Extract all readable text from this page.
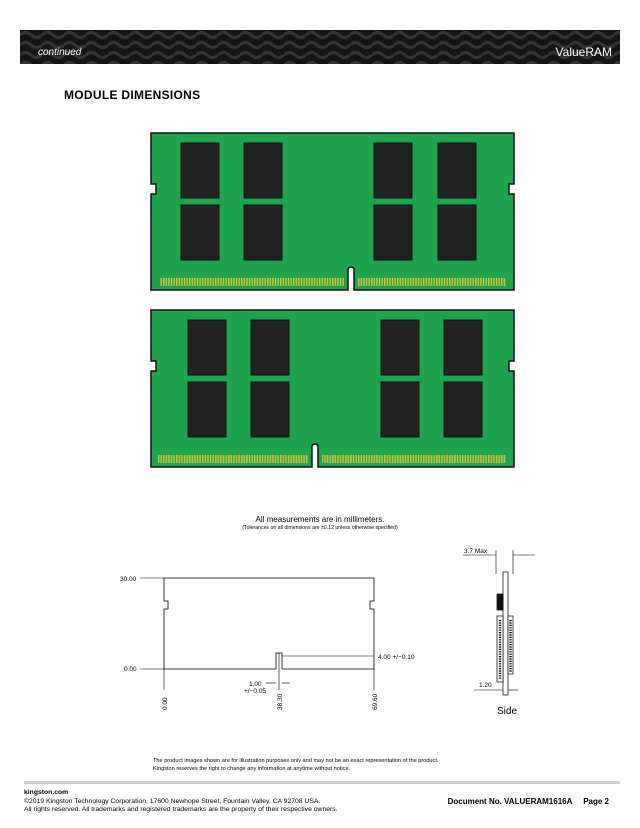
continued	ValueRAM
MODULE DIMENSIONS
All measurements are in millimeters.
(Tolerances on all dimensions are ±0.12 unless otherwise specified)
30.00
0.00
0.00	38.30	69.60
4.00 +/−0.10
1.00
+/−0.05
3.7 Max
1.20
Side
The product images shown are for illustration purposes only and may not be an exact representation of the product.
Kingston reserves the right to change any information at anytime without notice.
kingston.com
©2019 Kingston Technology Corporation, 17600 Newhope Street, Fountain Valley, CA 92708 USA.
All rights reserved. All trademarks and registered trademarks are the property of their respective owners.
Document No. VALUERAM1616A Page 2
